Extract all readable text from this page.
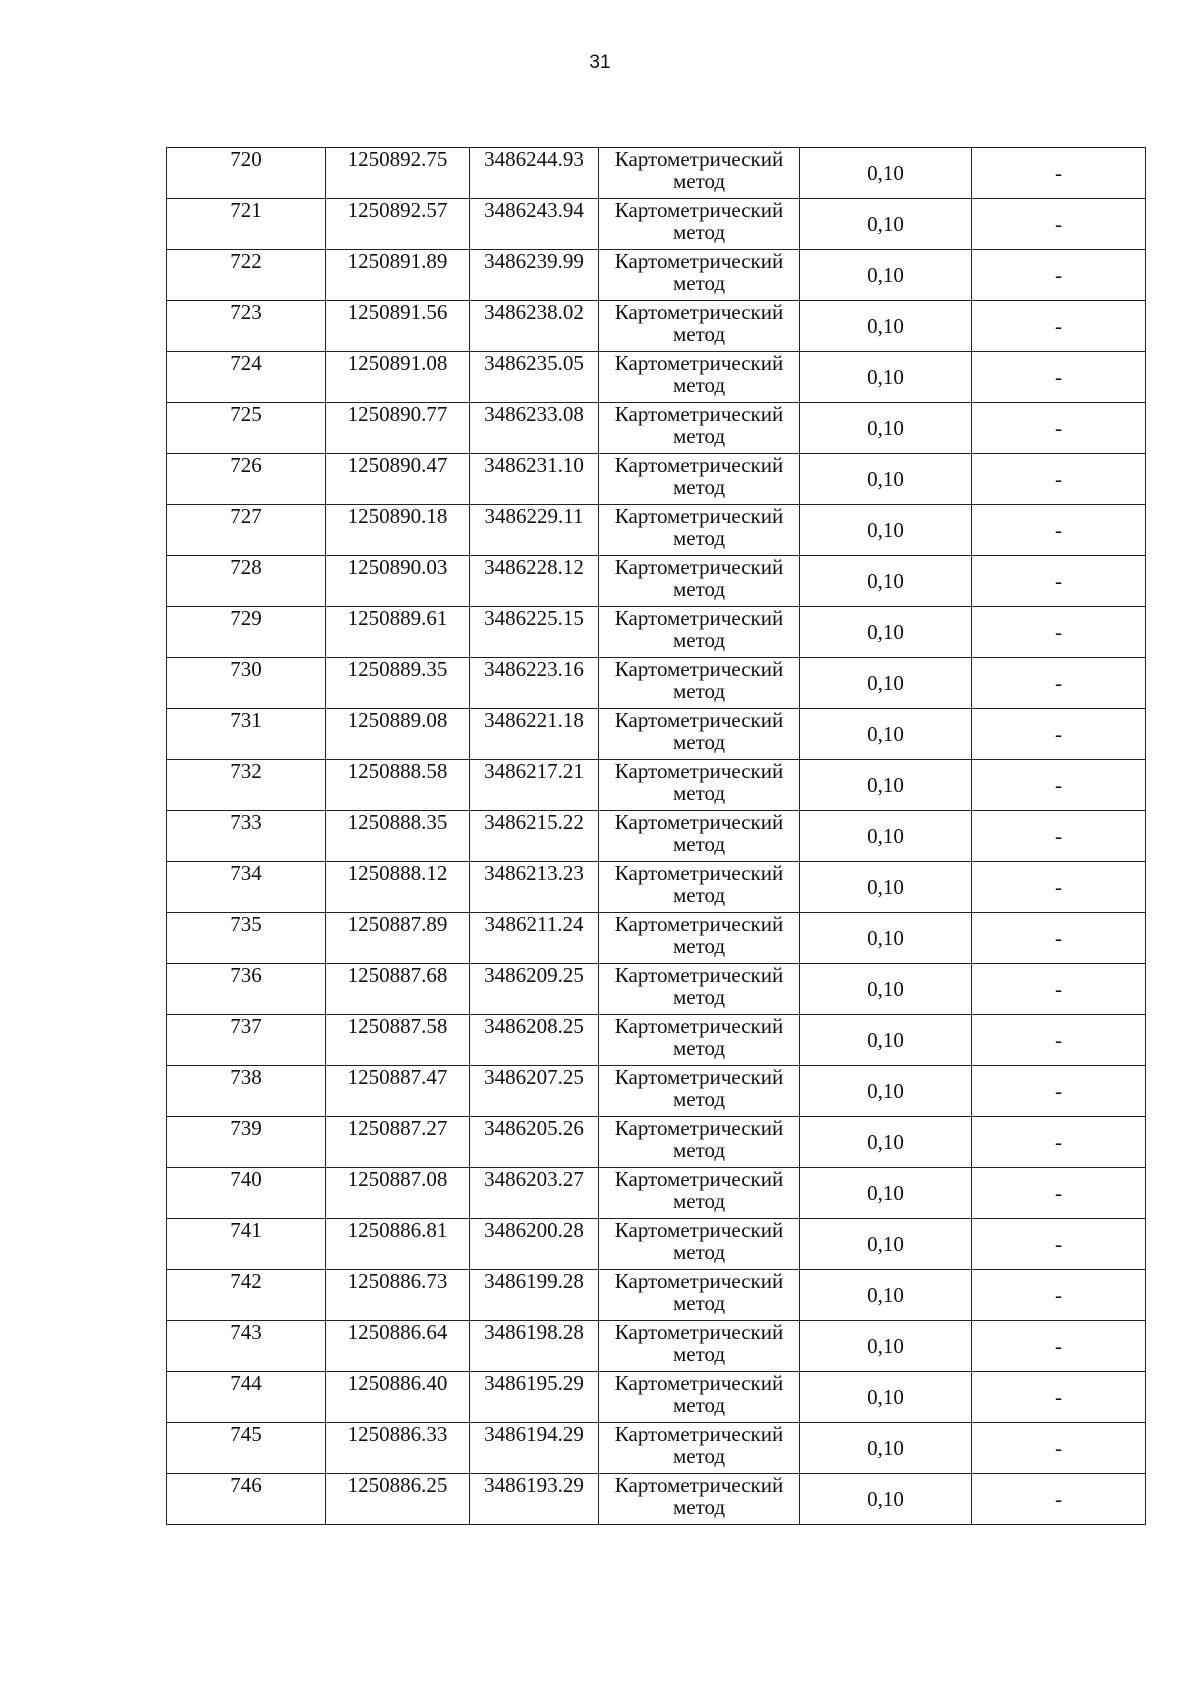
31
720	1250892.75	3486244.93	Картометрический метод	0,10	-
721	1250892.57	3486243.94	Картометрический метод	0,10	-
722	1250891.89	3486239.99	Картометрический метод	0,10	-
723	1250891.56	3486238.02	Картометрический метод	0,10	-
724	1250891.08	3486235.05	Картометрический метод	0,10	-
725	1250890.77	3486233.08	Картометрический метод	0,10	-
726	1250890.47	3486231.10	Картометрический метод	0,10	-
727	1250890.18	3486229.11	Картометрический метод	0,10	-
728	1250890.03	3486228.12	Картометрический метод	0,10	-
729	1250889.61	3486225.15	Картометрический метод	0,10	-
730	1250889.35	3486223.16	Картометрический метод	0,10	-
731	1250889.08	3486221.18	Картометрический метод	0,10	-
732	1250888.58	3486217.21	Картометрический метод	0,10	-
733	1250888.35	3486215.22	Картометрический метод	0,10	-
734	1250888.12	3486213.23	Картометрический метод	0,10	-
735	1250887.89	3486211.24	Картометрический метод	0,10	-
736	1250887.68	3486209.25	Картометрический метод	0,10	-
737	1250887.58	3486208.25	Картометрический метод	0,10	-
738	1250887.47	3486207.25	Картометрический метод	0,10	-
739	1250887.27	3486205.26	Картометрический метод	0,10	-
740	1250887.08	3486203.27	Картометрический метод	0,10	-
741	1250886.81	3486200.28	Картометрический метод	0,10	-
742	1250886.73	3486199.28	Картометрический метод	0,10	-
743	1250886.64	3486198.28	Картометрический метод	0,10	-
744	1250886.40	3486195.29	Картометрический метод	0,10	-
745	1250886.33	3486194.29	Картометрический метод	0,10	-
746	1250886.25	3486193.29	Картометрический метод	0,10	-
